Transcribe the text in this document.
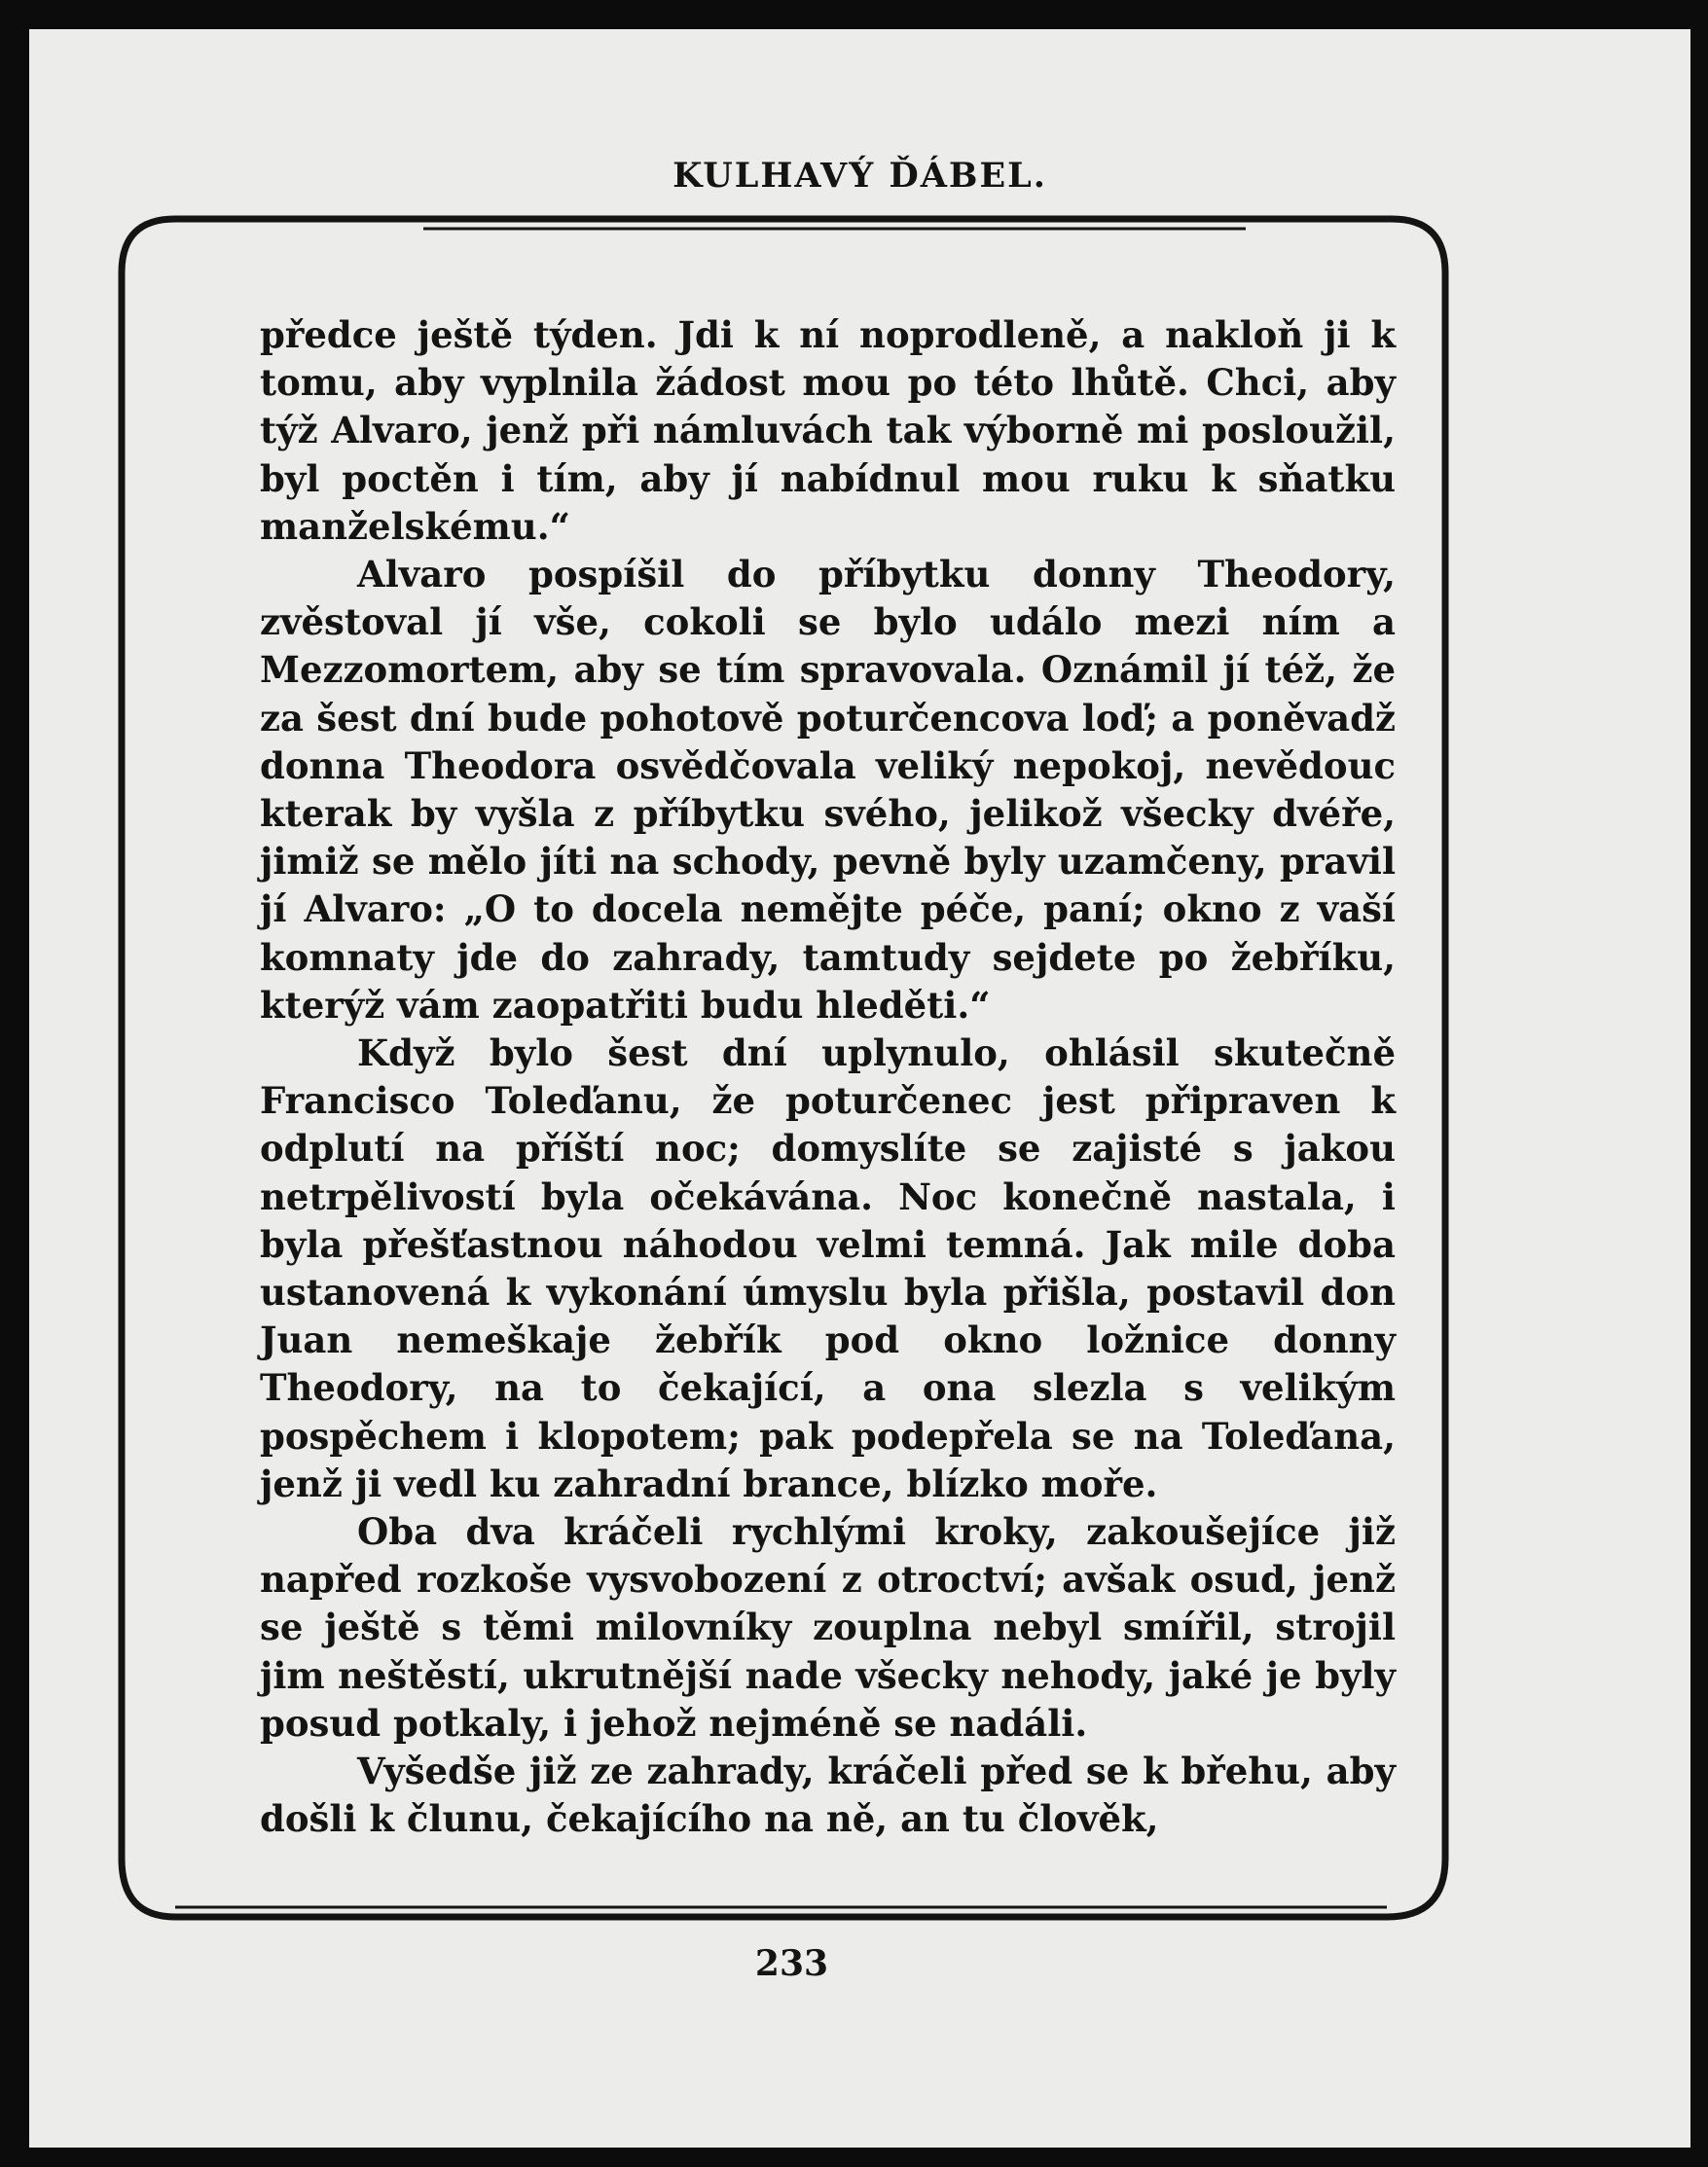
KULHAVÝ ĎÁBEL.

předce ještě týden. Jdi k ní noprodleně, a nakloň ji k tomu, aby vyplnila žádost mou po této lhůtě. Chci, aby týž Alvaro, jenž při námluvách tak výborně mi posloužil, byl poctěn i tím, aby jí nabídnul mou ruku k sňatku manželskému.“

Alvaro pospíšil do příbytku donny Theodory, zvěstoval jí vše, cokoli se bylo událo mezi ním a Mezzomortem, aby se tím spravovala. Oznámil jí též, že za šest dní bude pohotově poturčencova loď; a poněvadž donna Theodora osvědčovala veliký nepokoj, nevědouc kterak by vyšla z příbytku svého, jelikož všecky dvéře, jimiž se mělo jíti na schody, pevně byly uzamčeny, pravil jí Alvaro: „O to docela nemějte péče, paní; okno z vaší komnaty jde do zahrady, tamtudy sejdete po žebříku, kterýž vám zaopatřiti budu hleděti.“

Když bylo šest dní uplynulo, ohlásil skutečně Francisco Toleďanu, že poturčenec jest připraven k odplutí na příští noc; domyslíte se zajisté s jakou netrpělivostí byla očekávána. Noc konečně nastala, i byla přešťastnou náhodou velmi temná. Jak mile doba ustanovená k vykonání úmyslu byla přišla, postavil don Juan nemeškaje žebřík pod okno ložnice donny Theodory, na to čekající, a ona slezla s velikým pospěchem i klopotem; pak podepřela se na Toleďana, jenž ji vedl ku zahradní brance, blízko moře.

Oba dva kráčeli rychlými kroky, zakoušejíce již napřed rozkoše vysvobození z otroctví; avšak osud, jenž se ještě s těmi milovníky zouplna nebyl smířil, strojil jim neštěstí, ukrutnější nade všecky nehody, jaké je byly posud potkaly, i jehož nejméně se nadáli.

Vyšedše již ze zahrady, kráčeli před se k břehu, aby došli k člunu, čekajícího na ně, an tu člověk,

233
